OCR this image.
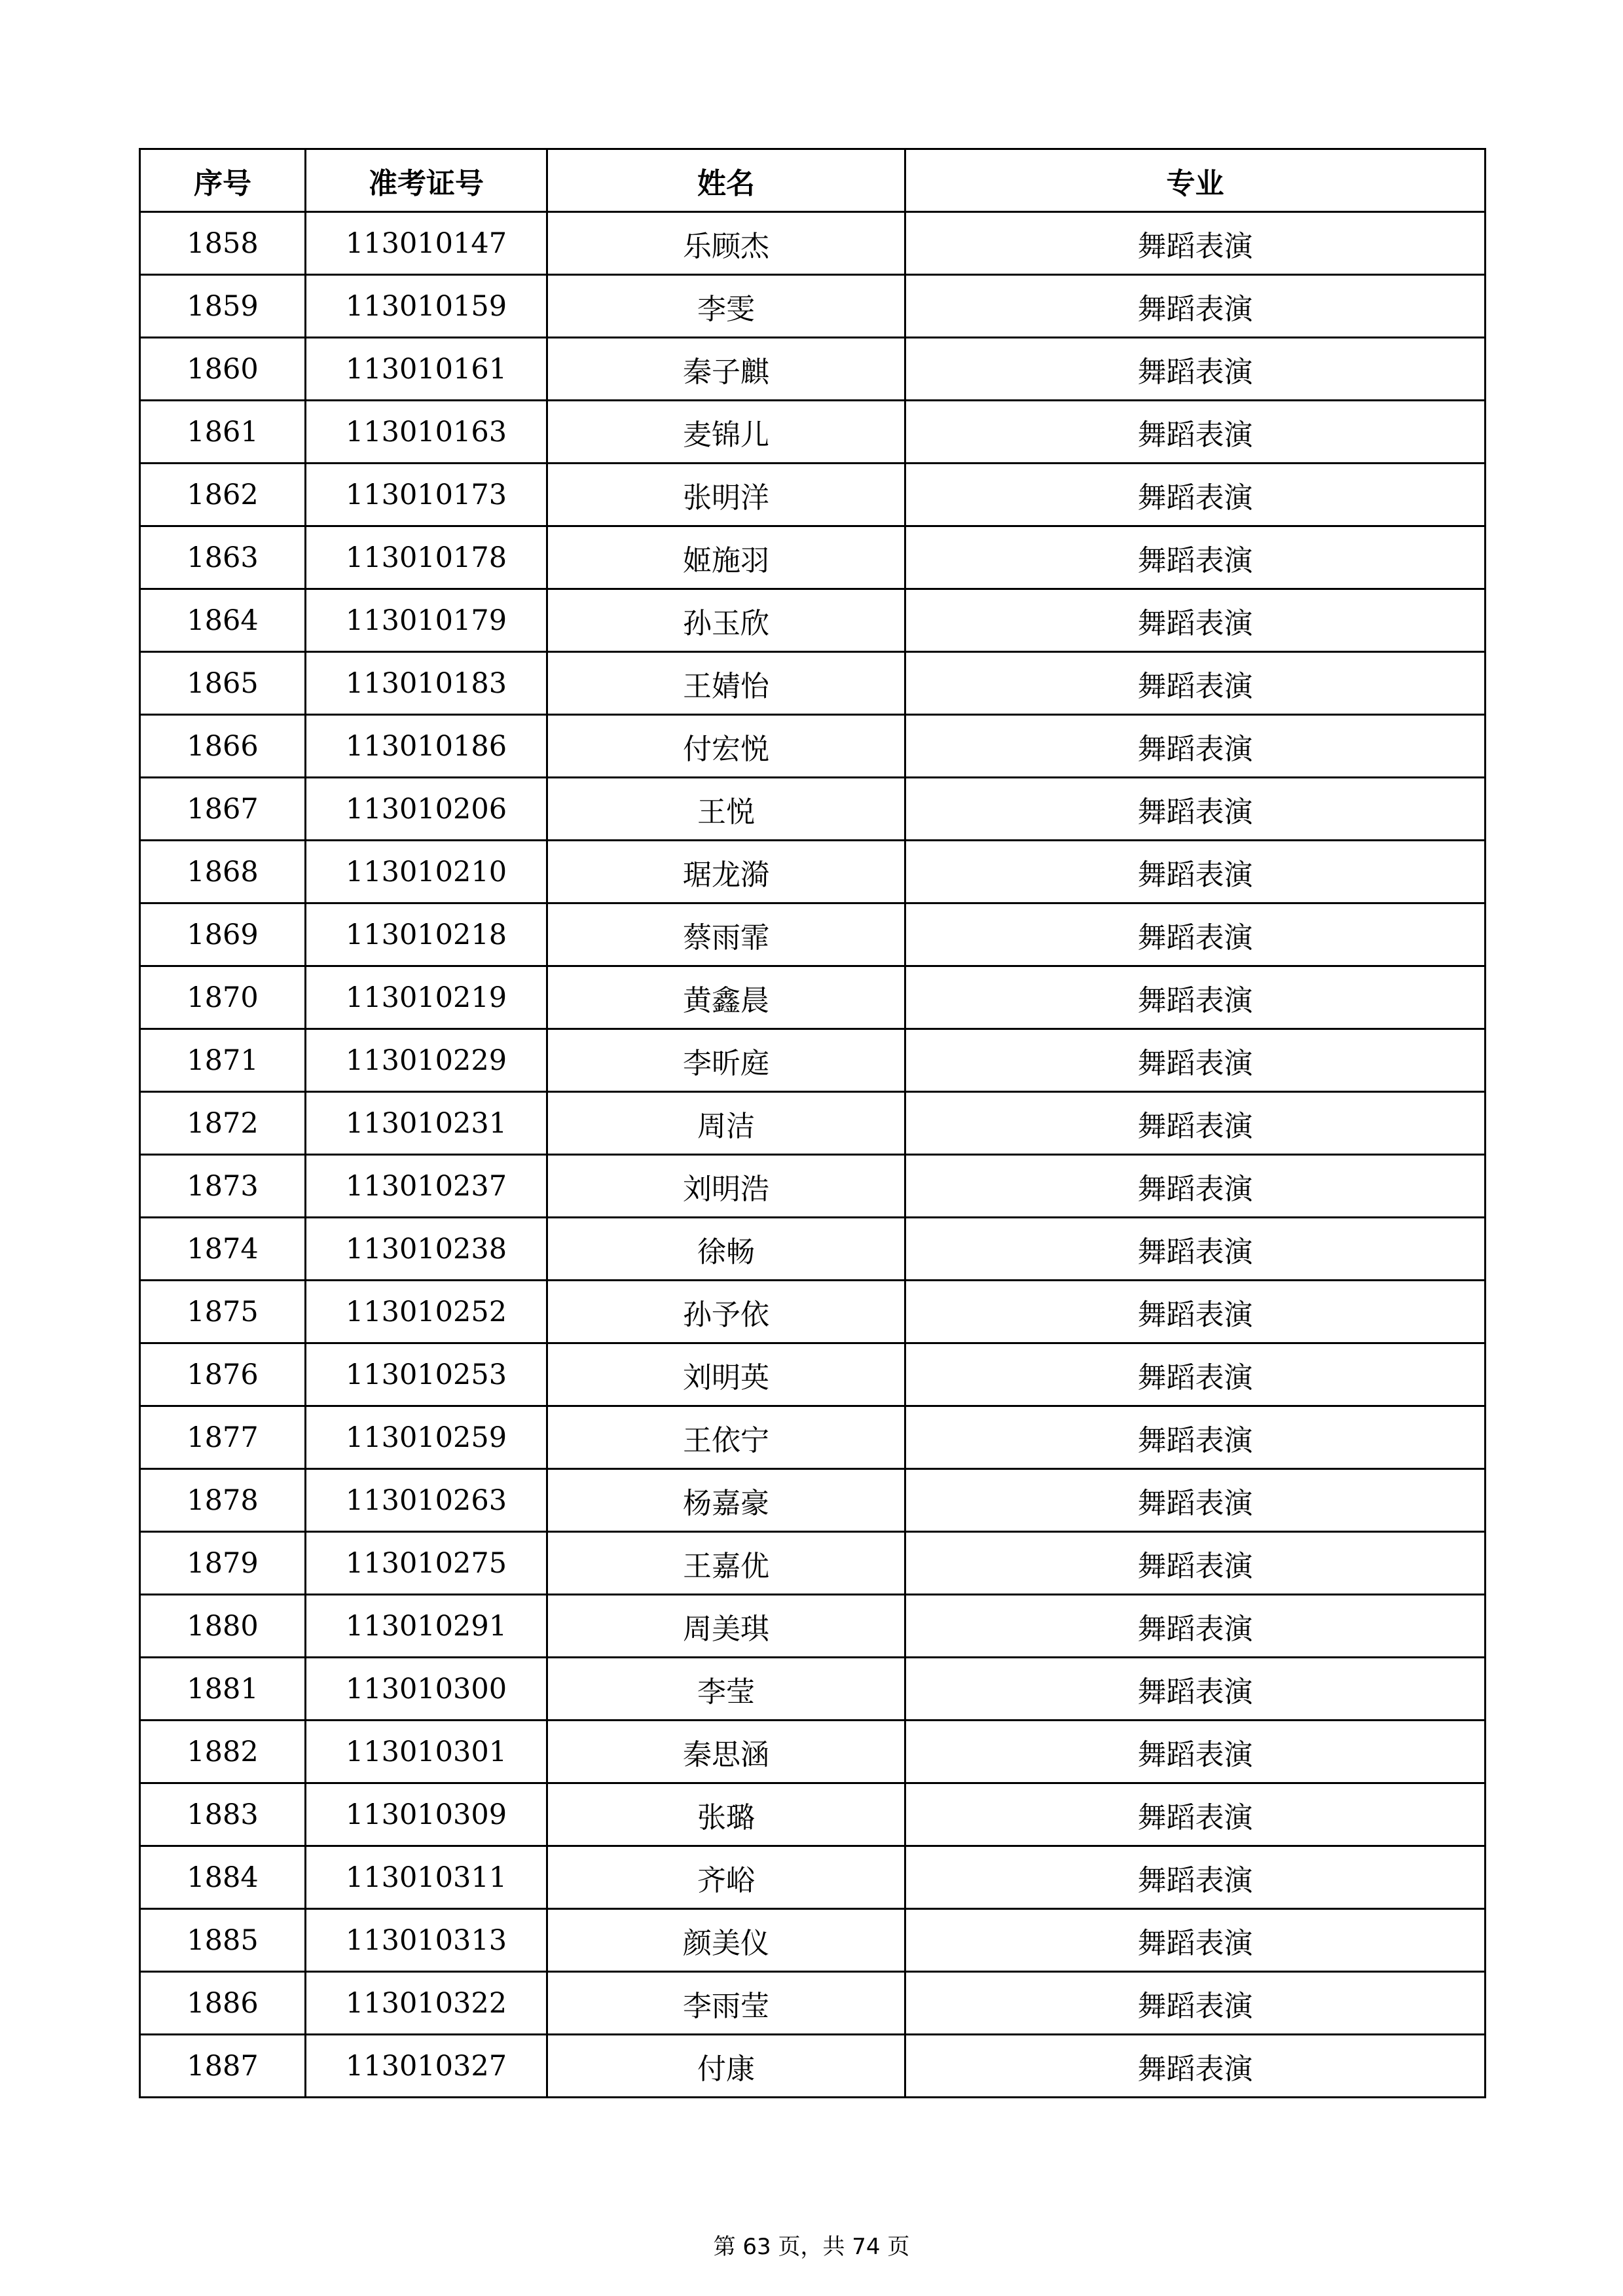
序号	准考证号	姓名	专业
1858	113010147	乐顾杰	舞蹈表演
1859	113010159	李雯	舞蹈表演
1860	113010161	秦子麒	舞蹈表演
1861	113010163	麦锦儿	舞蹈表演
1862	113010173	张明洋	舞蹈表演
1863	113010178	姬施羽	舞蹈表演
1864	113010179	孙玉欣	舞蹈表演
1865	113010183	王婧怡	舞蹈表演
1866	113010186	付宏悦	舞蹈表演
1867	113010206	王悦	舞蹈表演
1868	113010210	琚龙漪	舞蹈表演
1869	113010218	蔡雨霏	舞蹈表演
1870	113010219	黄鑫晨	舞蹈表演
1871	113010229	李昕庭	舞蹈表演
1872	113010231	周洁	舞蹈表演
1873	113010237	刘明浩	舞蹈表演
1874	113010238	徐畅	舞蹈表演
1875	113010252	孙予依	舞蹈表演
1876	113010253	刘明英	舞蹈表演
1877	113010259	王依宁	舞蹈表演
1878	113010263	杨嘉豪	舞蹈表演
1879	113010275	王嘉优	舞蹈表演
1880	113010291	周美琪	舞蹈表演
1881	113010300	李莹	舞蹈表演
1882	113010301	秦思涵	舞蹈表演
1883	113010309	张璐	舞蹈表演
1884	113010311	齐峪	舞蹈表演
1885	113010313	颜美仪	舞蹈表演
1886	113010322	李雨莹	舞蹈表演
1887	113010327	付康	舞蹈表演
第 63 页，共 74 页
